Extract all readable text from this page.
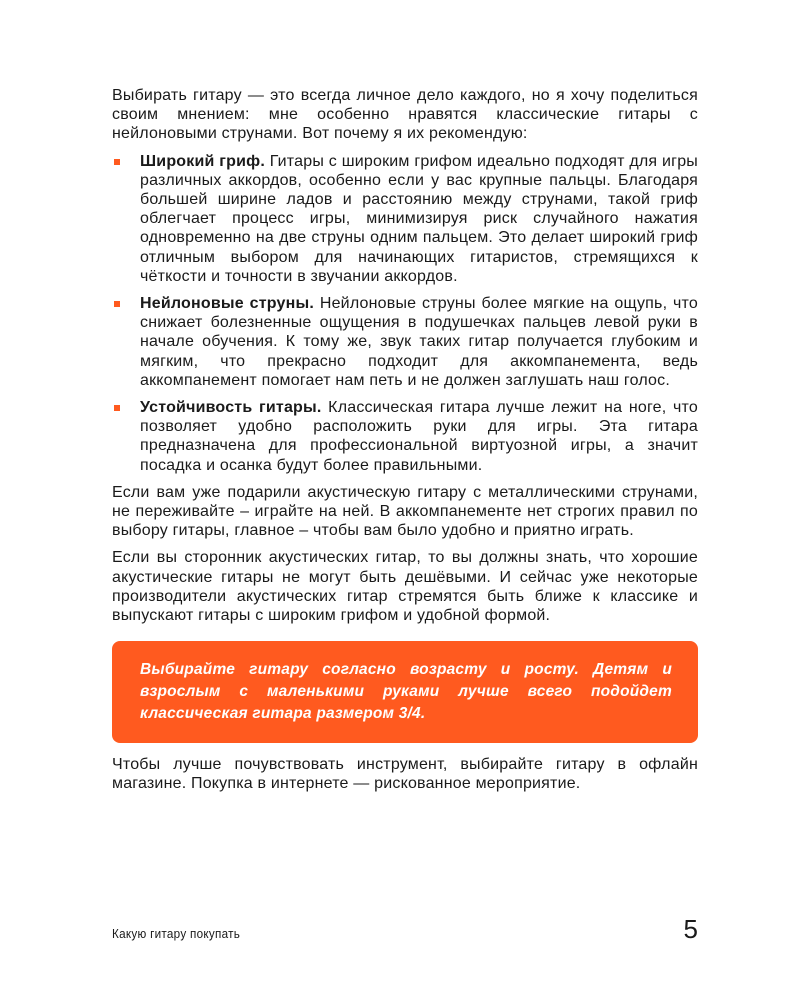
Выбирать гитару — это всегда личное дело каждого, но я хочу поделиться своим мнением: мне особенно нравятся классические гитары с нейлоновыми струнами. Вот почему я их рекомендую:

Широкий гриф. Гитары с широким грифом идеально подходят для игры различных аккордов, особенно если у вас крупные пальцы. Благодаря большей ширине ладов и расстоянию между струнами, такой гриф облегчает процесс игры, минимизируя риск случайного нажатия одновременно на две струны одним пальцем. Это делает широкий гриф отличным выбором для начинающих гитаристов, стремящихся к чёткости и точности в звучании аккордов.
Нейлоновые струны. Нейлоновые струны более мягкие на ощупь, что снижает болезненные ощущения в подушечках пальцев левой руки в начале обучения. К тому же, звук таких гитар получается глубоким и мягким, что прекрасно подходит для аккомпанемента, ведь аккомпанемент помогает нам петь и не должен заглушать наш голос.
Устойчивость гитары. Классическая гитара лучше лежит на ноге, что позволяет удобно расположить руки для игры. Эта гитара предназначена для профессиональной виртуозной игры, а значит посадка и осанка будут более правильными.

Если вам уже подарили акустическую гитару с металлическими струнами, не переживайте – играйте на ней. В аккомпанементе нет строгих правил по выбору гитары, главное – чтобы вам было удобно и приятно играть.

Если вы сторонник акустических гитар, то вы должны знать, что хорошие акустические гитары не могут быть дешёвыми. И сейчас уже некоторые производители акустических гитар стремятся быть ближе к классике и выпускают гитары с широким грифом и удобной формой.

Выбирайте гитару согласно возрасту и росту. Детям и взрослым с маленькими руками лучше всего подойдет классическая гитара размером 3/4.

Чтобы лучше почувствовать инструмент, выбирайте гитару в офлайн магазине. Покупка в интернете — рискованное мероприятие.

Какую гитару покупать	5
